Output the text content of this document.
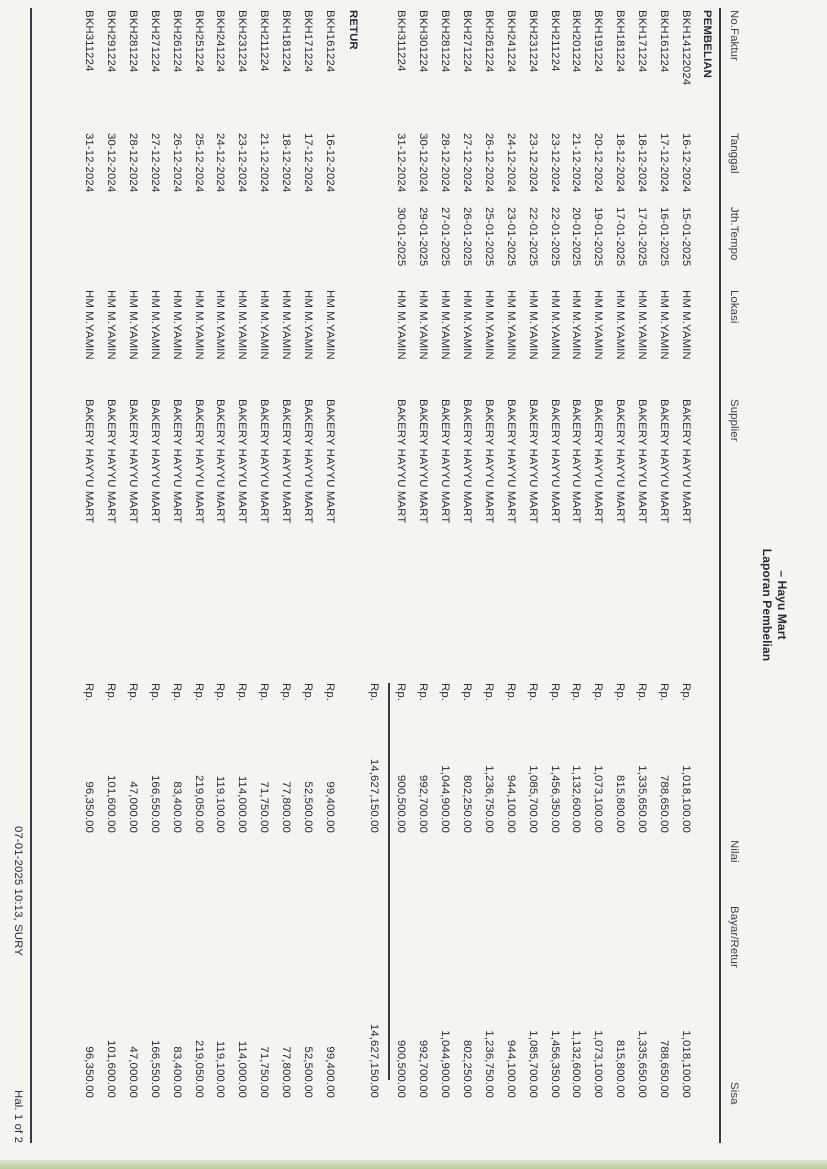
– Hayu Mart
Laporan Pembelian
No.Faktur
Tanggal
Jth.Tempo
Lokasi
Supplier
Nilai
Bayar/Retur
Sisa
PEMBELIAN
BKH14122024
16-12-2024
15-01-2025
HM M.YAMIN
BAKERY HAYYU MART
Rp.
1,018,100.00
1,018,100.00
BKH161224
17-12-2024
16-01-2025
HM M.YAMIN
BAKERY HAYYU MART
Rp.
788,650.00
788,650.00
BKH171224
18-12-2024
17-01-2025
HM M.YAMIN
BAKERY HAYYU MART
Rp.
1,335,650.00
1,335,650.00
BKH181224
18-12-2024
17-01-2025
HM M.YAMIN
BAKERY HAYYU MART
Rp.
815,800.00
815,800.00
BKH191224
20-12-2024
19-01-2025
HM M.YAMIN
BAKERY HAYYU MART
Rp.
1,073,100.00
1,073,100.00
BKH201224
21-12-2024
20-01-2025
HM M.YAMIN
BAKERY HAYYU MART
Rp.
1,132,600.00
1,132,600.00
BKH211224
23-12-2024
22-01-2025
HM M.YAMIN
BAKERY HAYYU MART
Rp.
1,456,350.00
1,456,350.00
BKH231224
23-12-2024
22-01-2025
HM M.YAMIN
BAKERY HAYYU MART
Rp.
1,085,700.00
1,085,700.00
BKH241224
24-12-2024
23-01-2025
HM M.YAMIN
BAKERY HAYYU MART
Rp.
944,100.00
944,100.00
BKH261224
26-12-2024
25-01-2025
HM M.YAMIN
BAKERY HAYYU MART
Rp.
1,236,750.00
1,236,750.00
BKH271224
27-12-2024
26-01-2025
HM M.YAMIN
BAKERY HAYYU MART
Rp.
802,250.00
802,250.00
BKH281224
28-12-2024
27-01-2025
HM M.YAMIN
BAKERY HAYYU MART
Rp.
1,044,900.00
1,044,900.00
BKH301224
30-12-2024
29-01-2025
HM M.YAMIN
BAKERY HAYYU MART
Rp.
992,700.00
992,700.00
BKH311224
31-12-2024
30-01-2025
HM M.YAMIN
BAKERY HAYYU MART
Rp.
900,500.00
900,500.00
Rp.
14,627,150.00
14,627,150.00
RETUR
BKH161224
16-12-2024
HM M.YAMIN
BAKERY HAYYU MART
Rp.
99,400.00
99,400.00
BKH171224
17-12-2024
HM M.YAMIN
BAKERY HAYYU MART
Rp.
52,500.00
52,500.00
BKH181224
18-12-2024
HM M.YAMIN
BAKERY HAYYU MART
Rp.
77,800.00
77,800.00
BKH211224
21-12-2024
HM M.YAMIN
BAKERY HAYYU MART
Rp.
71,750.00
71,750.00
BKH231224
23-12-2024
HM M.YAMIN
BAKERY HAYYU MART
Rp.
114,000.00
114,000.00
BKH241224
24-12-2024
HM M.YAMIN
BAKERY HAYYU MART
Rp.
119,100.00
119,100.00
BKH251224
25-12-2024
HM M.YAMIN
BAKERY HAYYU MART
Rp.
219,050.00
219,050.00
BKH261224
26-12-2024
HM M.YAMIN
BAKERY HAYYU MART
Rp.
83,400.00
83,400.00
BKH271224
27-12-2024
HM M.YAMIN
BAKERY HAYYU MART
Rp.
166,550.00
166,550.00
BKH281224
28-12-2024
HM M.YAMIN
BAKERY HAYYU MART
Rp.
47,000.00
47,000.00
BKH291224
30-12-2024
HM M.YAMIN
BAKERY HAYYU MART
Rp.
101,600.00
101,600.00
BKH311224
31-12-2024
HM M.YAMIN
BAKERY HAYYU MART
Rp.
96,350.00
96,350.00
07-01-2025 10:13, SURY
Hal. 1 of 2
